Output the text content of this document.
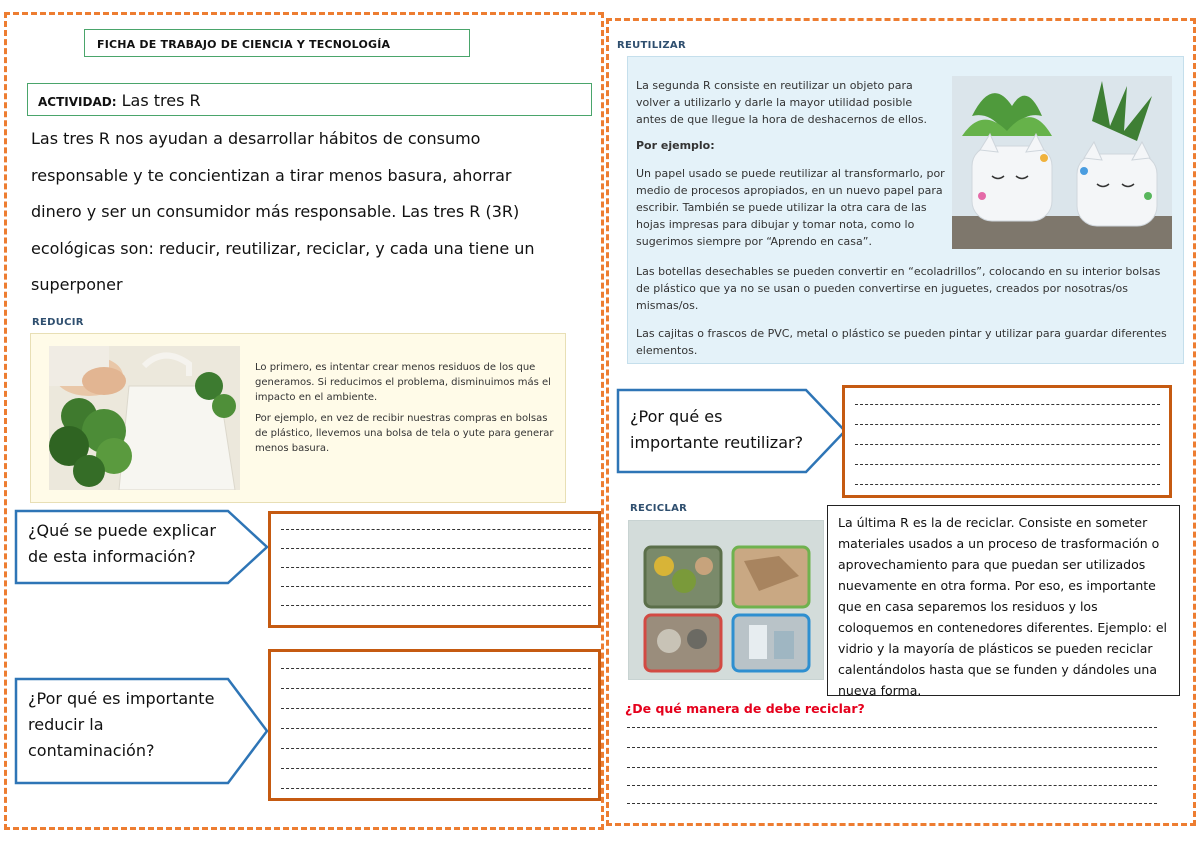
FICHA DE TRABAJO DE CIENCIA Y TECNOLOGÍA
ACTIVIDAD: Las tres R
Las tres R nos ayudan a desarrollar hábitos de consumo
responsable y te concientizan a tirar menos basura, ahorrar
dinero y ser un consumidor más responsable. Las tres R (3R)
ecológicas son: reducir, reutilizar, reciclar, y cada una tiene un
superponer
REDUCIR

Lo primero, es intentar crear menos residuos de los que generamos. Si reducimos el problema, disminuimos más el impacto en el ambiente.

Por ejemplo, en vez de recibir nuestras compras en bolsas de plástico, llevemos una bolsa de tela o yute para generar menos basura.

¿Qué se puede explicar
de esta información?
¿Por qué es importante
reducir la
contaminación?
REUTILIZAR
La segunda R consiste en reutilizar un objeto para volver a utilizarlo y darle la mayor utilidad posible antes de que llegue la hora de deshacernos de ellos.
Por ejemplo:
Un papel usado se puede reutilizar al transformarlo, por medio de procesos apropiados, en un nuevo papel para escribir. También se puede utilizar la otra cara de las hojas impresas para dibujar y tomar nota, como lo sugerimos siempre por “Aprendo en casa”.
Las botellas desechables se pueden convertir en “ecoladrillos”, colocando en su interior bolsas de plástico que ya no se usan o pueden convertirse en juguetes, creados por nosotras/os mismas/os.
Las cajitas o frascos de PVC, metal o plástico se pueden pintar y utilizar para guardar diferentes elementos.
¿Por qué es
importante reutilizar?
RECICLAR
La última R es la de reciclar. Consiste en someter materiales usados a un proceso de trasformación o aprovechamiento para que puedan ser utilizados nuevamente en otra forma. Por eso, es importante que en casa separemos los residuos y los coloquemos en contenedores diferentes. Ejemplo: el vidrio y la mayoría de plásticos se pueden reciclar calentándolos hasta que se funden y dándoles una nueva forma.
¿De qué manera de debe reciclar?
